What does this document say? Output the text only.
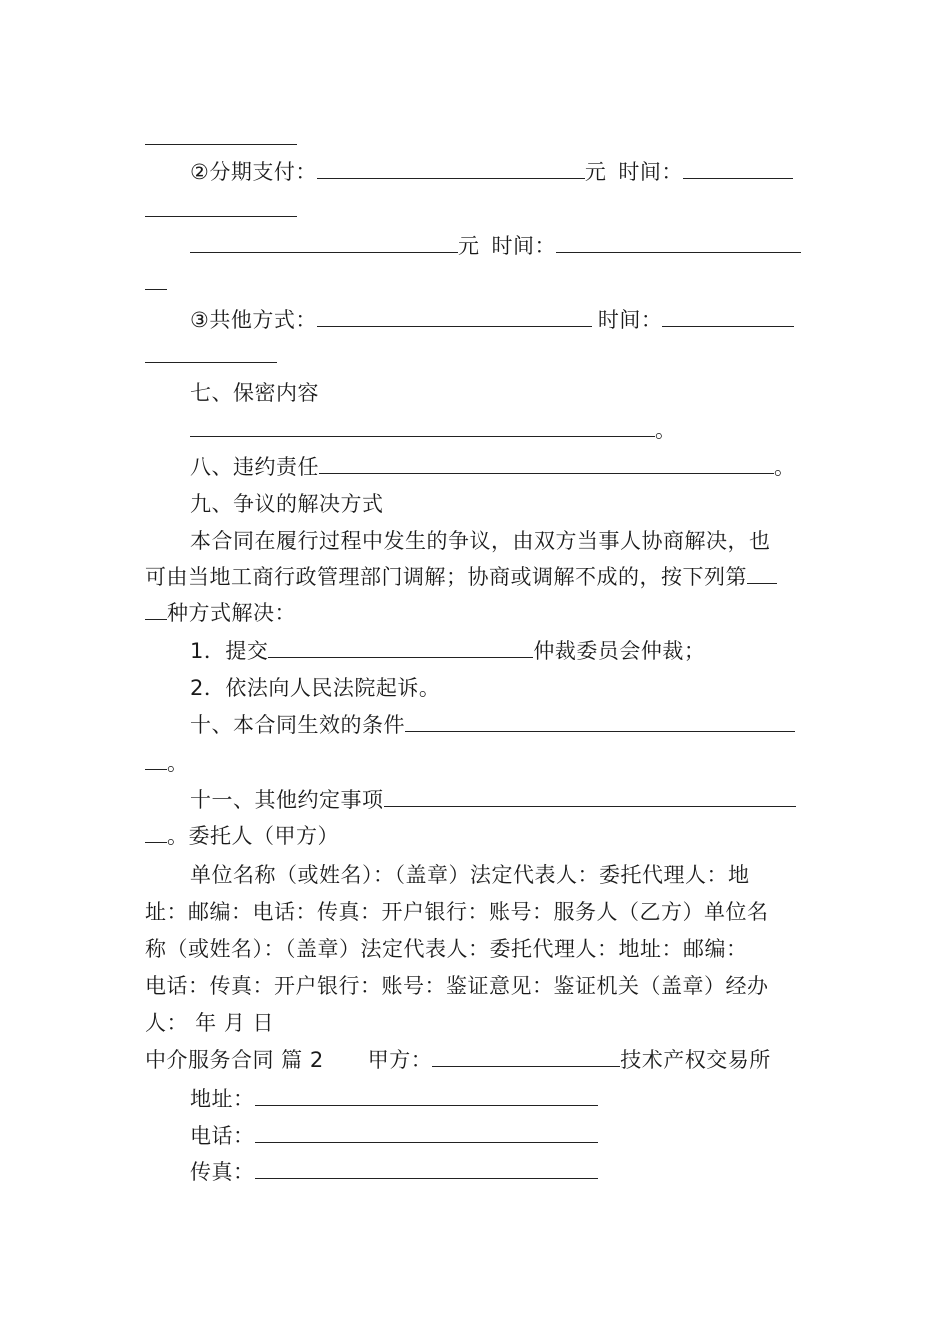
②分期支付：	元 时间：
元 时间：
③共他方式：	时间：
七、保密内容
。
八、违约责任	。
九、争议的解决方式
本合同在履行过程中发生的争议，由双方当事人协商解决，也
可由当地工商行政管理部门调解；协商或调解不成的，按下列第
种方式解决：
1．提交	仲裁委员会仲裁；
2．依法向人民法院起诉。
十、本合同生效的条件
。
十一、其他约定事项
。委托人（甲方）
单位名称（或姓名）：（盖章）法定代表人：委托代理人：地
址：邮编：电话：传真：开户银行：账号：服务人（乙方）单位名
称（或姓名）：（盖章）法定代表人：委托代理人：地址：邮编：
电话：传真：开户银行：账号：鉴证意见：鉴证机关（盖章）经办
人： 年 月 日
中介服务合同 篇 2 甲方：	技术产权交易所
地址：
电话：
传真：
